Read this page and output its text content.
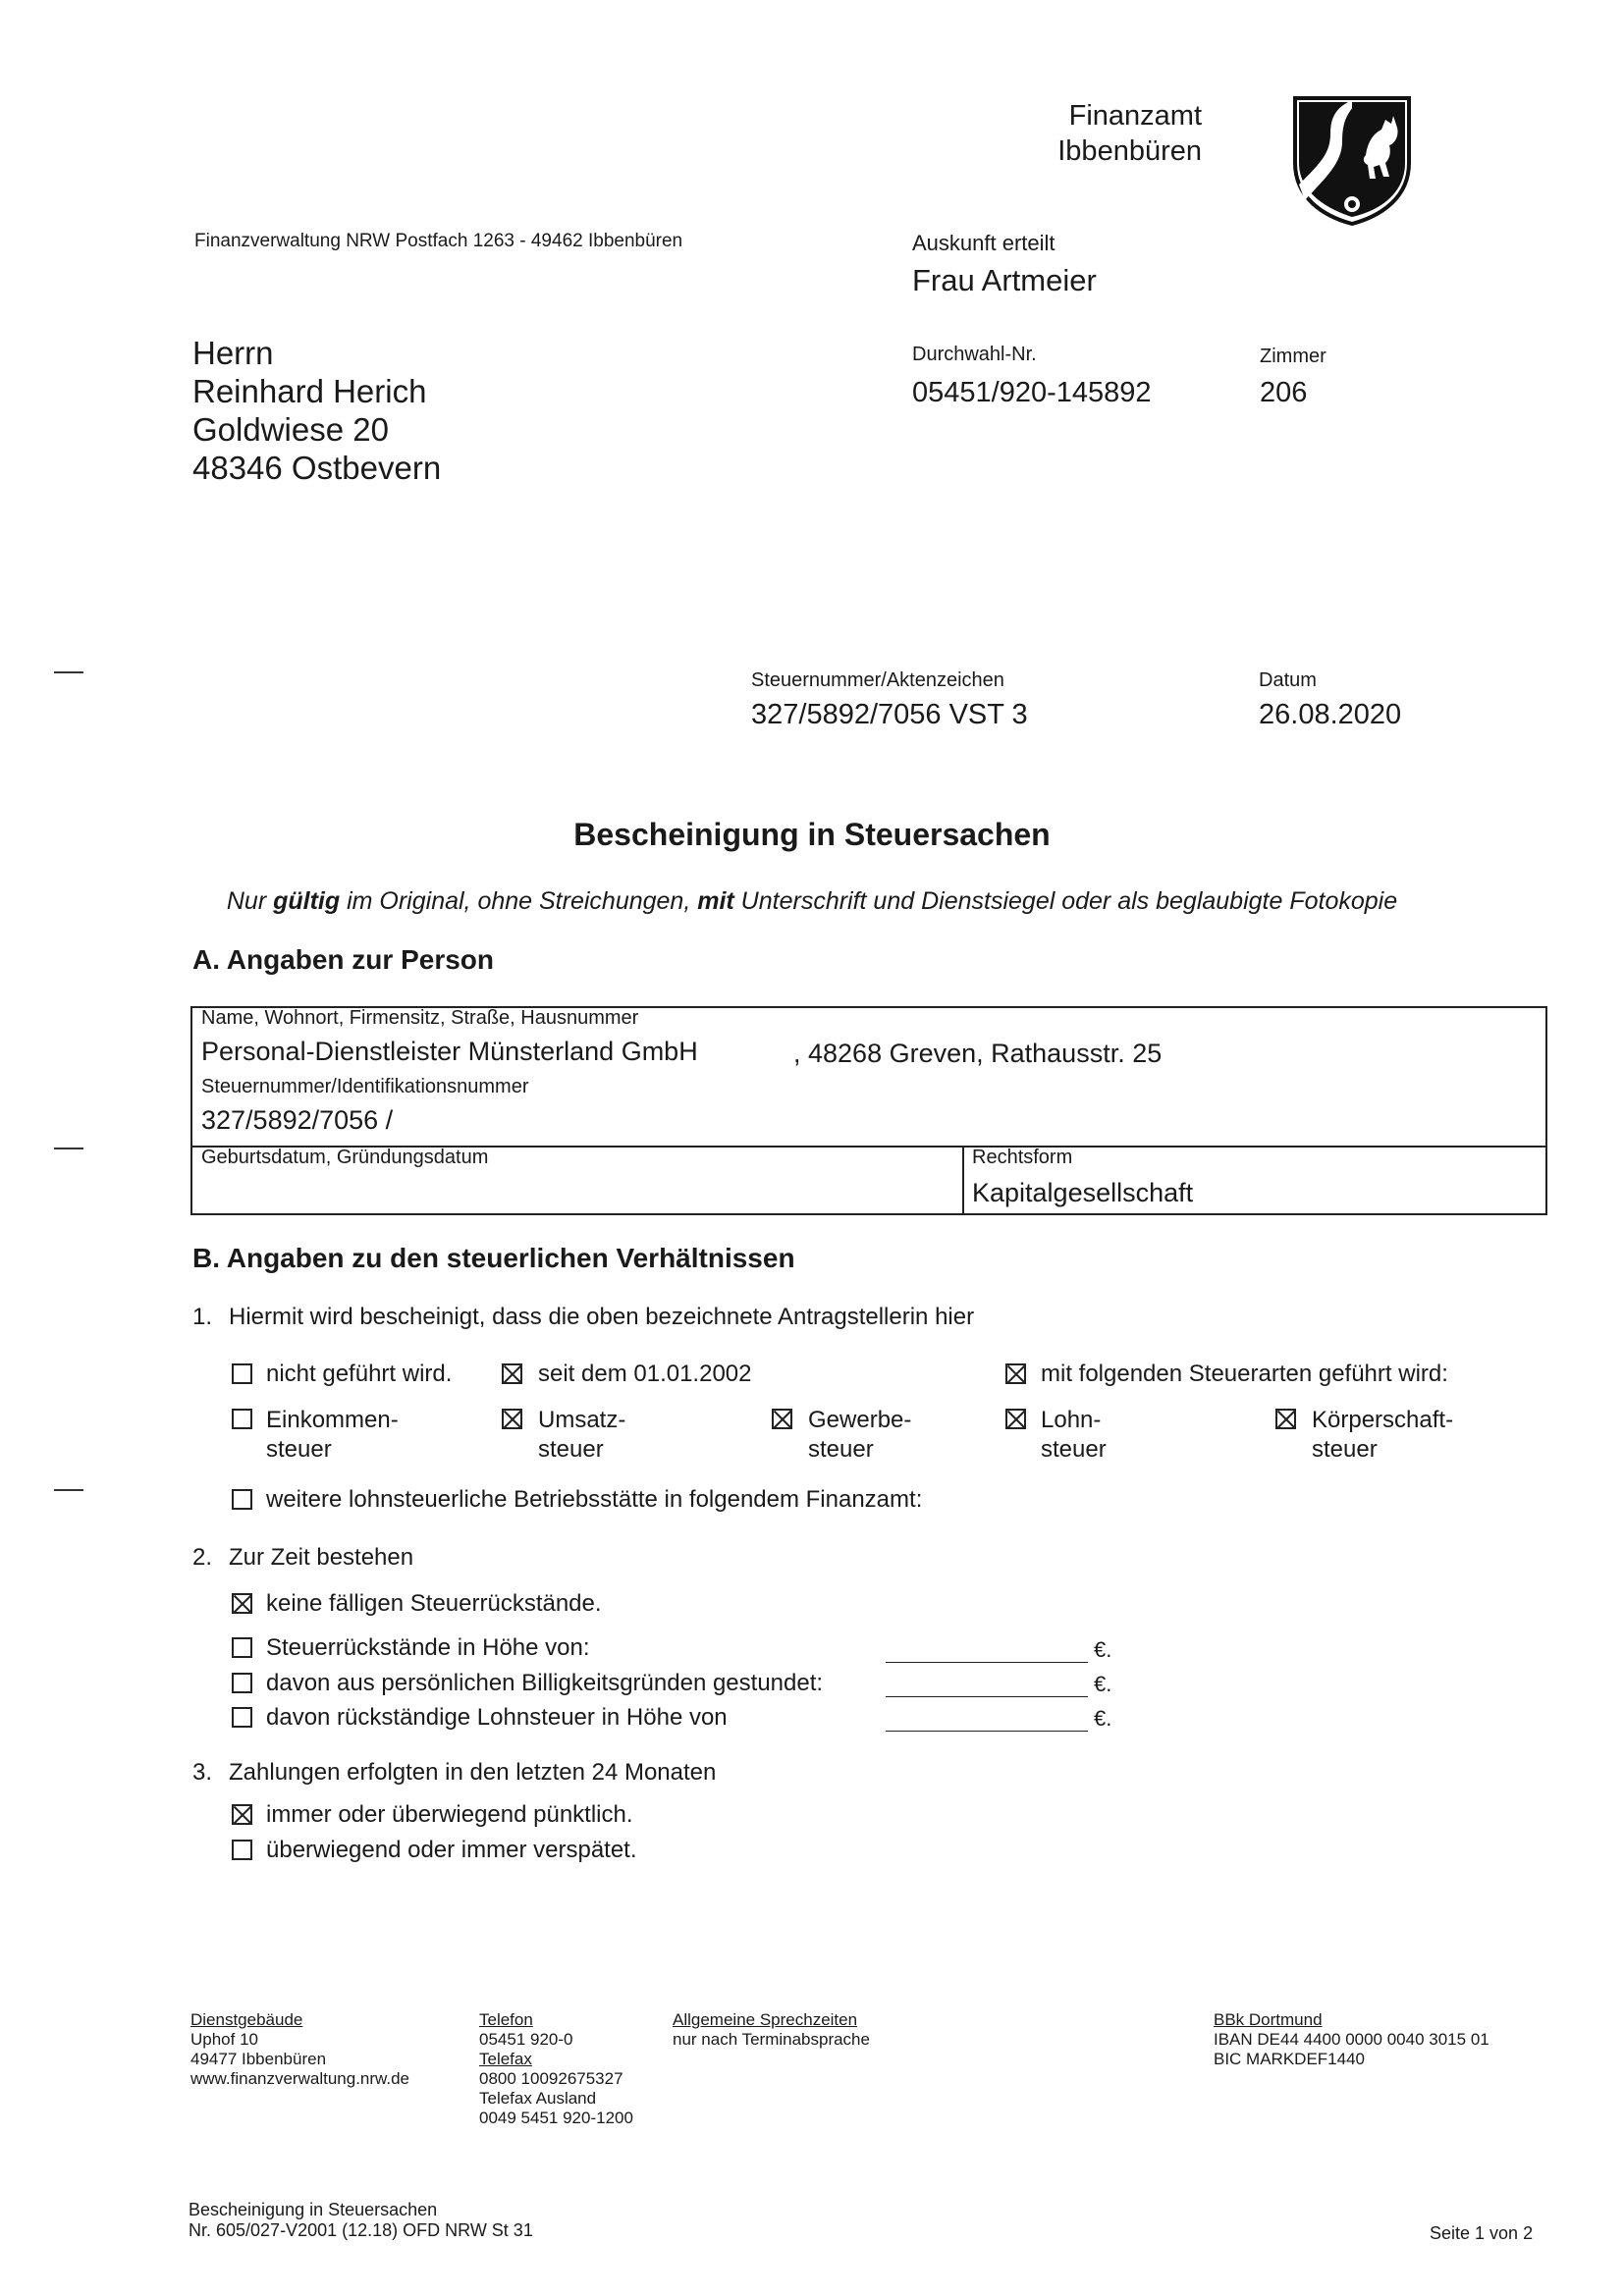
Finanzamt
Ibbenbüren
Finanzverwaltung NRW Postfach 1263 - 49462 Ibbenbüren	Auskunft erteilt
Frau Artmeier
Herrn
Reinhard Herich
Goldwiese 20
48346 Ostbevern
Durchwahl-Nr.
05451/920-145892
Zimmer
206
Steuernummer/Aktenzeichen
327/5892/7056 VST 3
Datum
26.08.2020
Bescheinigung in Steuersachen
Nur gültig im Original, ohne Streichungen, mit Unterschrift und Dienstsiegel oder als beglaubigte Fotokopie
A. Angaben zur Person
Name, Wohnort, Firmensitz, Straße, Hausnummer
Personal-Dienstleister Münsterland GmbH	, 48268 Greven, Rathausstr. 25
Steuernummer/Identifikationsnummer
327/5892/7056 /
Geburtsdatum, Gründungsdatum	Rechtsform
Kapitalgesellschaft
B. Angaben zu den steuerlichen Verhältnissen
1. Hiermit wird bescheinigt, dass die oben bezeichnete Antragstellerin hier
nicht geführt wird.	seit dem 01.01.2002	mit folgenden Steuerarten geführt wird:
Einkommen-
steuer
Umsatz-
steuer
Gewerbe-
steuer
Lohn-
steuer
Körperschaft-
steuer
weitere lohnsteuerliche Betriebsstätte in folgendem Finanzamt:
2. Zur Zeit bestehen
keine fälligen Steuerrückstände.
Steuerrückstände in Höhe von:	€.
davon aus persönlichen Billigkeitsgründen gestundet:	€.
davon rückständige Lohnsteuer in Höhe von	€.
3. Zahlungen erfolgten in den letzten 24 Monaten
immer oder überwiegend pünktlich.
überwiegend oder immer verspätet.
Dienstgebäude
Uphof 10
49477 Ibbenbüren
www.finanzverwaltung.nrw.de
Telefon
05451 920-0
Telefax
0800 10092675327
Telefax Ausland
0049 5451 920-1200
Allgemeine Sprechzeiten
nur nach Terminabsprache
BBk Dortmund
IBAN DE44 4400 0000 0040 3015 01
BIC MARKDEF1440
Bescheinigung in Steuersachen
Nr. 605/027-V2001 (12.18) OFD NRW St 31	Seite 1 von 2
